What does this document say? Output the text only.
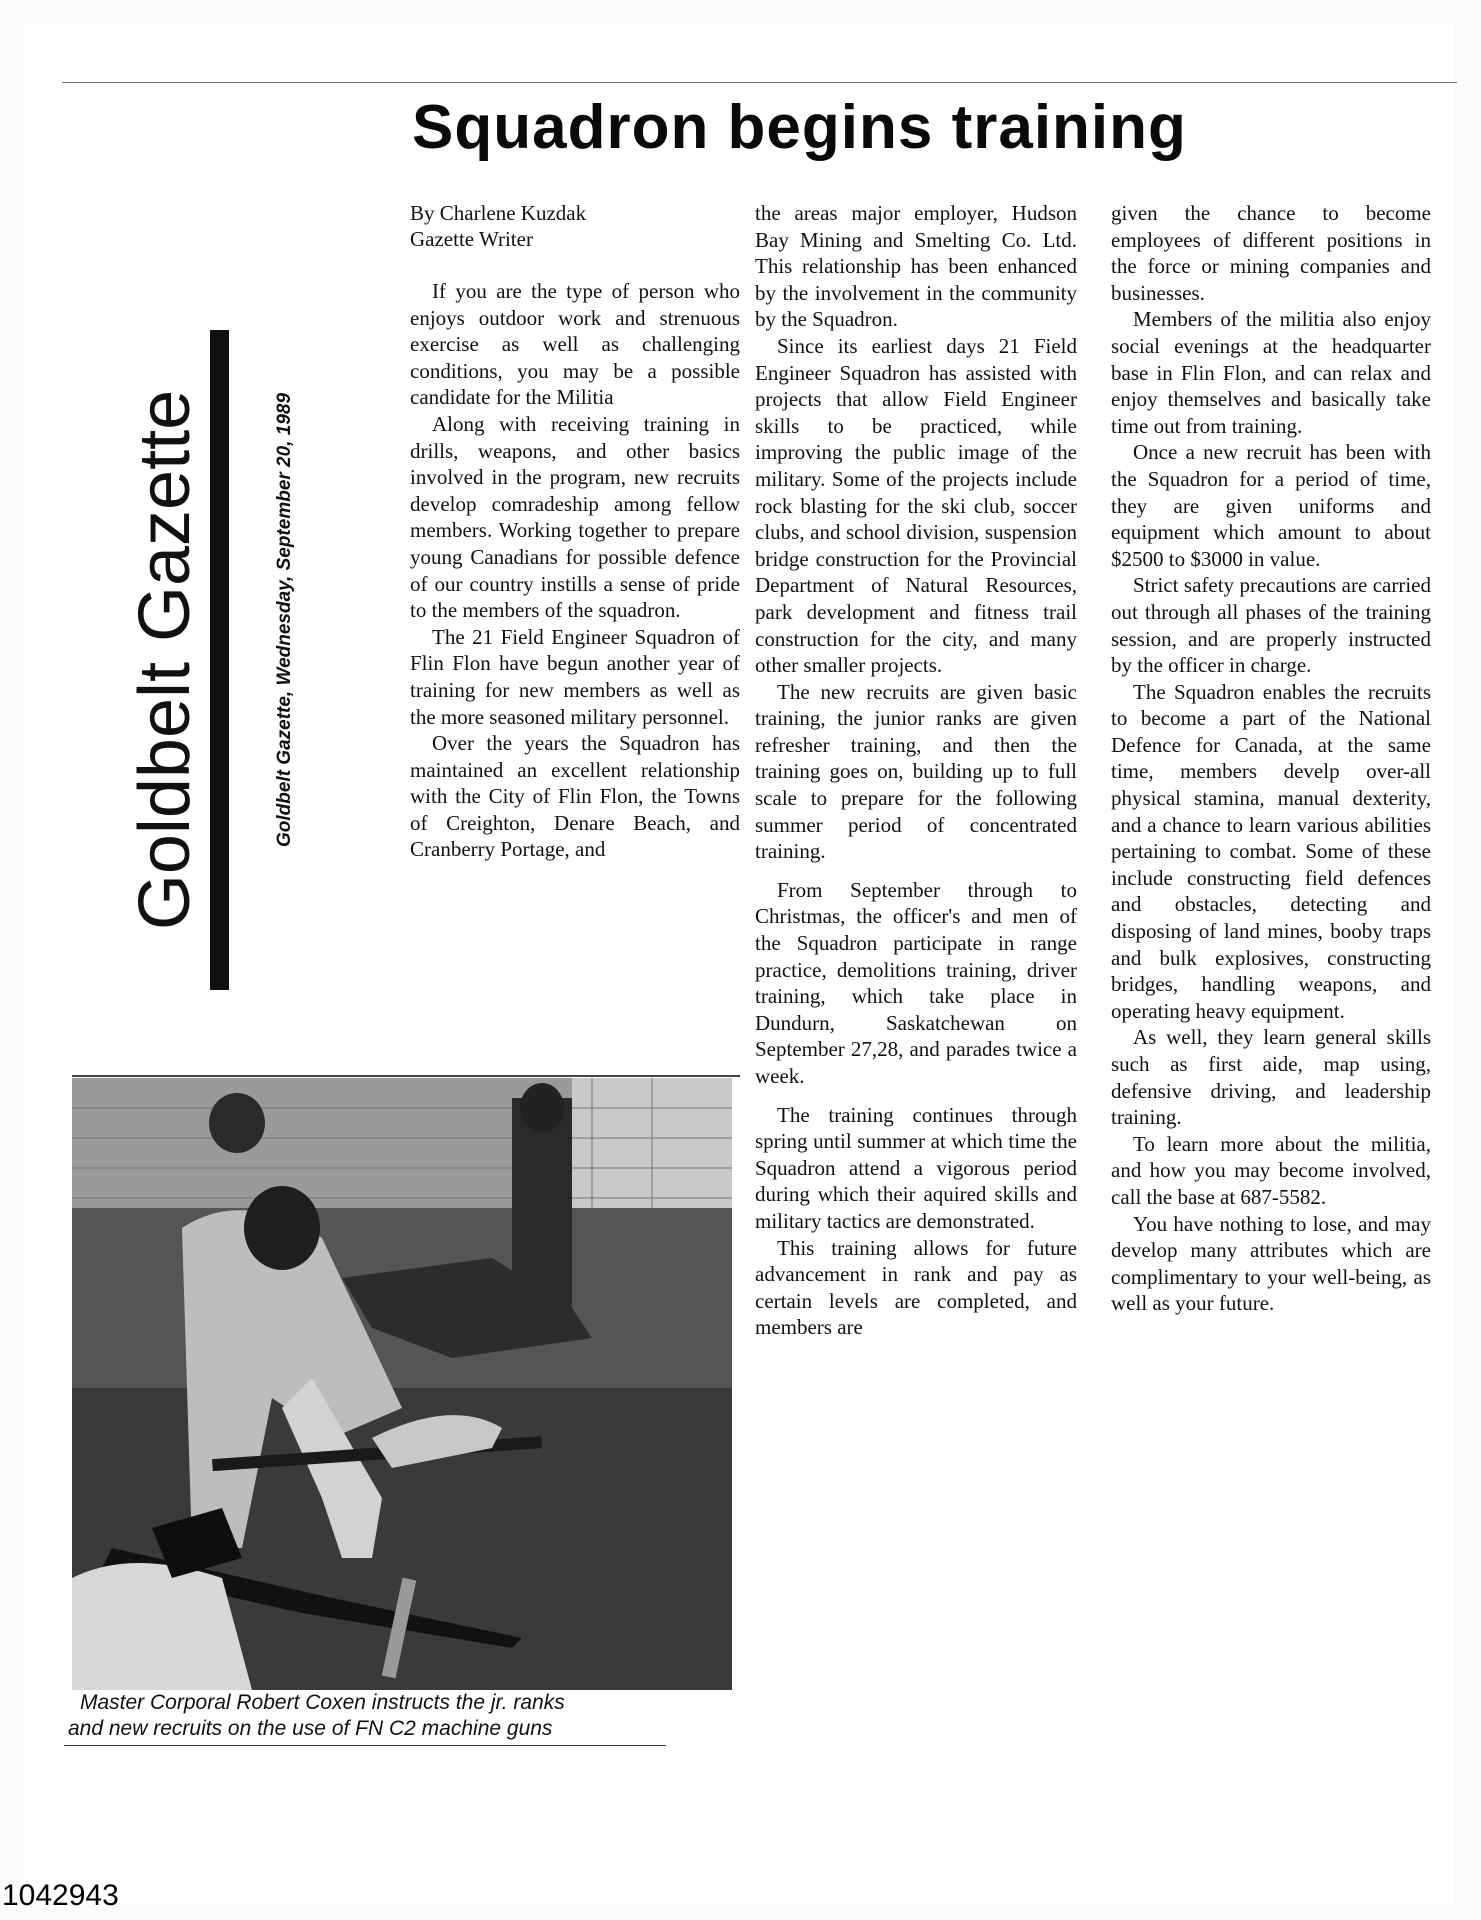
Squadron begins training
Goldbelt Gazette	Goldbelt Gazette, Wednesday, September 20, 1989
By Charlene Kuzdak
Gazette Writer

If you are the type of person who enjoys outdoor work and strenuous exercise as well as challenging conditions, you may be a possible candidate for the Militia

Along with receiving training in drills, weapons, and other basics involved in the program, new recruits develop comradeship among fellow members. Working together to prepare young Canadians for possible defence of our country instills a sense of pride to the members of the squadron.

The 21 Field Engineer Squadron of Flin Flon have begun another year of training for new members as well as the more seasoned military personnel.

Over the years the Squadron has maintained an excellent relationship with the City of Flin Flon, the Towns of Creighton, Denare Beach, and Cranberry Portage, and

the areas major employer, Hudson Bay Mining and Smelting Co. Ltd. This relationship has been enhanced by the involvement in the community by the Squadron.

Since its earliest days 21 Field Engineer Squadron has assisted with projects that allow Field Engineer skills to be practiced, while improving the public image of the military. Some of the projects include rock blasting for the ski club, soccer clubs, and school division, suspension bridge construction for the Provincial Department of Natural Resources, park development and fitness trail construction for the city, and many other smaller projects.

The new recruits are given basic training, the junior ranks are given refresher training, and then the training goes on, building up to full scale to prepare for the following summer period of concentrated training.

From September through to Christmas, the officer's and men of the Squadron participate in range practice, demolitions training, driver training, which take place in Dundurn, Saskatchewan on September 27,28, and parades twice a week.

The training continues through spring until summer at which time the Squadron attend a vigorous period during which their aquired skills and military tactics are demonstrated.

This training allows for future advancement in rank and pay as certain levels are completed, and members are

given the chance to become employees of different positions in the force or mining companies and businesses.

Members of the militia also enjoy social evenings at the headquarter base in Flin Flon, and can relax and enjoy themselves and basically take time out from training.

Once a new recruit has been with the Squadron for a period of time, they are given uniforms and equipment which amount to about $2500 to $3000 in value.

Strict safety precautions are carried out through all phases of the training session, and are properly instructed by the officer in charge.

The Squadron enables the recruits to become a part of the National Defence for Canada, at the same time, members develp over-all physical stamina, manual dexterity, and a chance to learn various abilities pertaining to combat. Some of these include constructing field defences and obstacles, detecting and disposing of land mines, booby traps and bulk explosives, constructing bridges, handling weapons, and operating heavy equipment.

As well, they learn general skills such as first aide, map using, defensive driving, and leadership training.

To learn more about the militia, and how you may become involved, call the base at 687-5582.

You have nothing to lose, and may develop many attributes which are complimentary to your well-being, as well as your future.

Master Corporal Robert Coxen instructs the jr. ranks
and new recruits on the use of FN C2 machine guns
1042943
